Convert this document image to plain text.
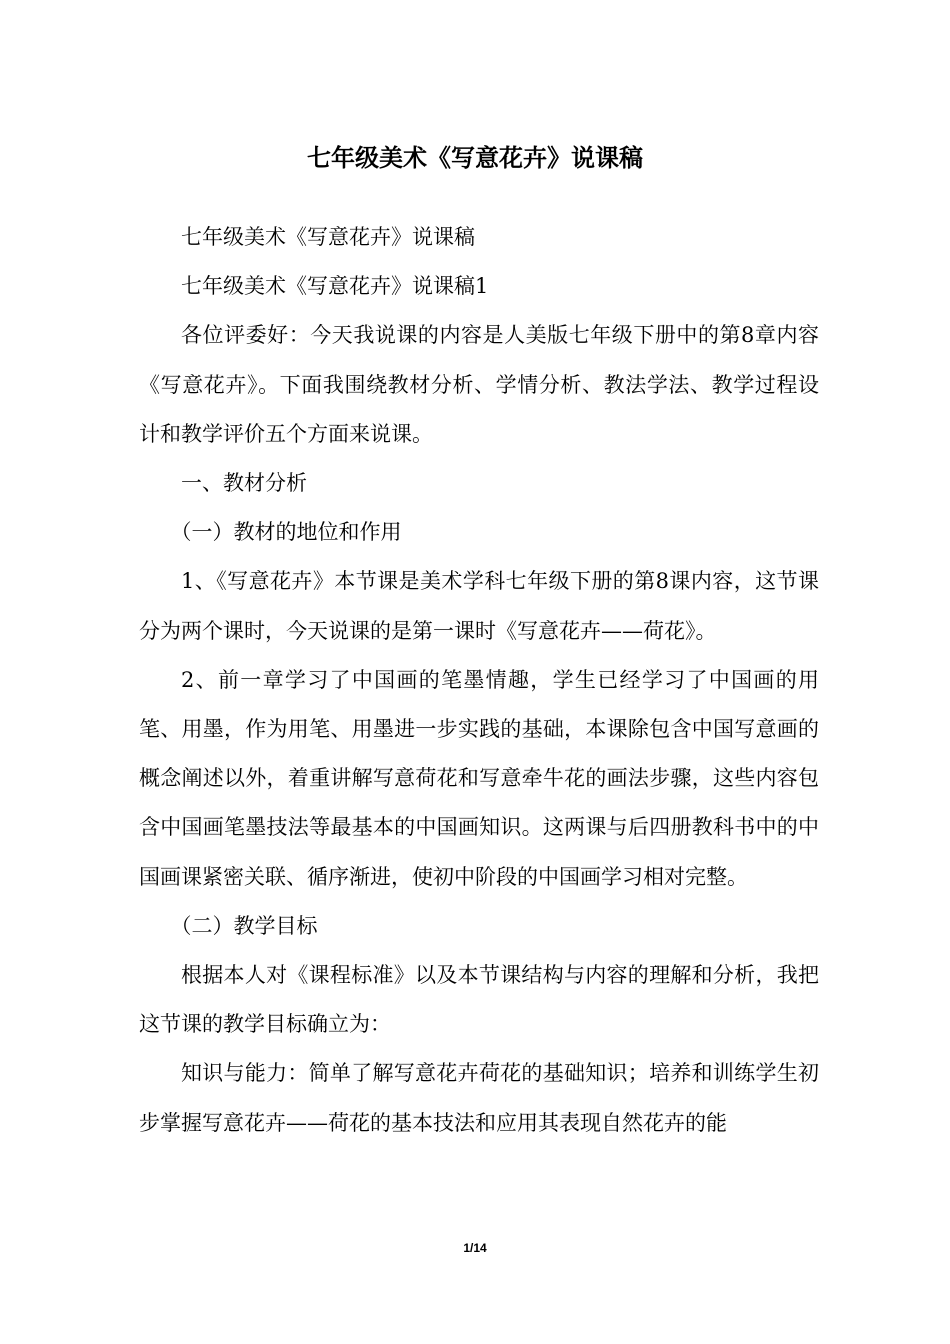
七年级美术《写意花卉》说课稿

七年级美术《写意花卉》说课稿

七年级美术《写意花卉》说课稿1

各位评委好：今天我说课的内容是人美版七年级下册中的第8章内容《写意花卉》。下面我围绕教材分析、学情分析、教法学法、教学过程设计和教学评价五个方面来说课。

一、教材分析

（一）教材的地位和作用

1、《写意花卉》本节课是美术学科七年级下册的第8课内容，这节课分为两个课时，今天说课的是第一课时《写意花卉——荷花》。

2、前一章学习了中国画的笔墨情趣，学生已经学习了中国画的用笔、用墨，作为用笔、用墨进一步实践的基础，本课除包含中国写意画的概念阐述以外，着重讲解写意荷花和写意牵牛花的画法步骤，这些内容包含中国画笔墨技法等最基本的中国画知识。这两课与后四册教科书中的中国画课紧密关联、循序渐进，使初中阶段的中国画学习相对完整。

（二）教学目标

根据本人对《课程标准》以及本节课结构与内容的理解和分析，我把这节课的教学目标确立为：

知识与能力：简单了解写意花卉荷花的基础知识；培养和训练学生初步掌握写意花卉——荷花的基本技法和应用其表现自然花卉的能

1/14
